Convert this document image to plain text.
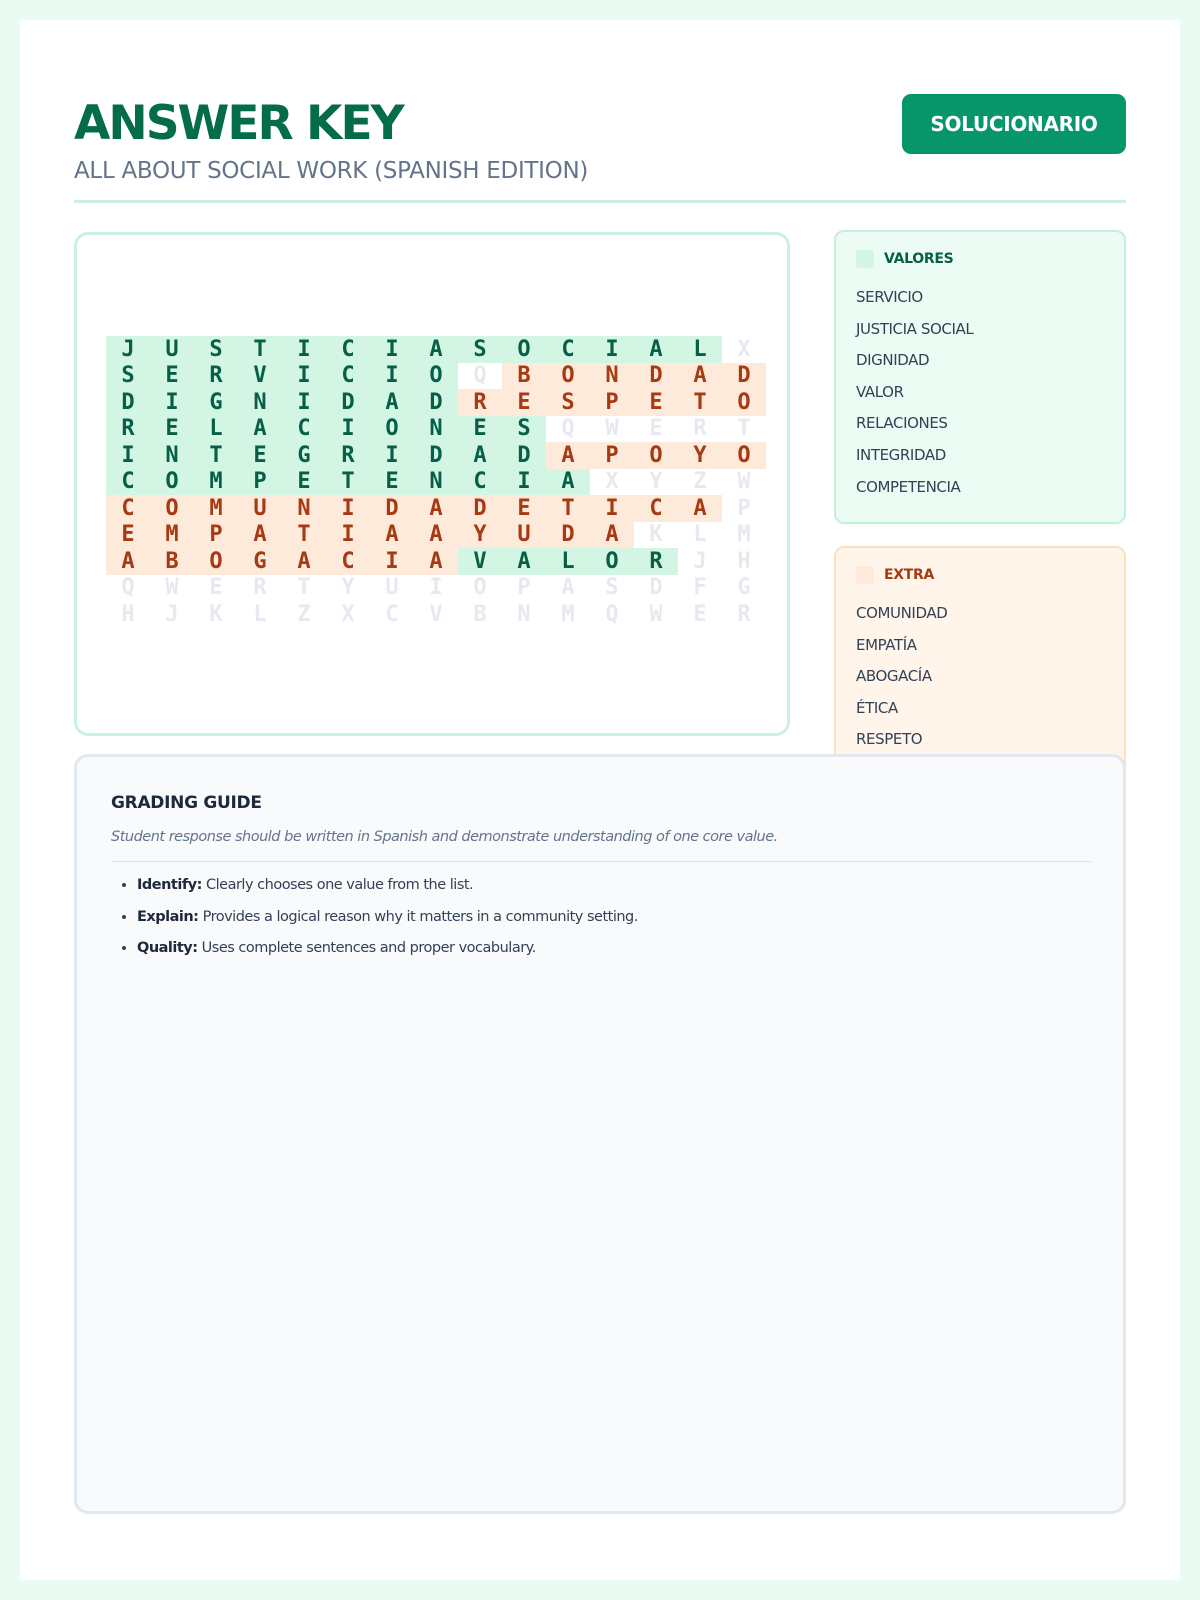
ANSWER KEY
ALL ABOUT SOCIAL WORK (SPANISH EDITION)
SOLUCIONARIO
J	U	S	T	I	C	I	A	S	O	C	I	A	L	X
S	E	R	V	I	C	I	O	Q	B	O	N	D	A	D
D	I	G	N	I	D	A	D	R	E	S	P	E	T	O
R	E	L	A	C	I	O	N	E	S	Q	W	E	R	T
I	N	T	E	G	R	I	D	A	D	A	P	O	Y	O
C	O	M	P	E	T	E	N	C	I	A	X	Y	Z	W
C	O	M	U	N	I	D	A	D	E	T	I	C	A	P
E	M	P	A	T	I	A	A	Y	U	D	A	K	L	M
A	B	O	G	A	C	I	A	V	A	L	O	R	J	H
Q	W	E	R	T	Y	U	I	O	P	A	S	D	F	G
H	J	K	L	Z	X	C	V	B	N	M	Q	W	E	R
VALORES
SERVICIO
JUSTICIA SOCIAL
DIGNIDAD
VALOR
RELACIONES
INTEGRIDAD
COMPETENCIA
EXTRA
COMUNIDAD
EMPATÍA
ABOGACÍA
ÉTICA
RESPETO
GRADING GUIDE
Student response should be written in Spanish and demonstrate understanding of one core value.
• Identify: Clearly chooses one value from the list.
• Explain: Provides a logical reason why it matters in a community setting.
• Quality: Uses complete sentences and proper vocabulary.
